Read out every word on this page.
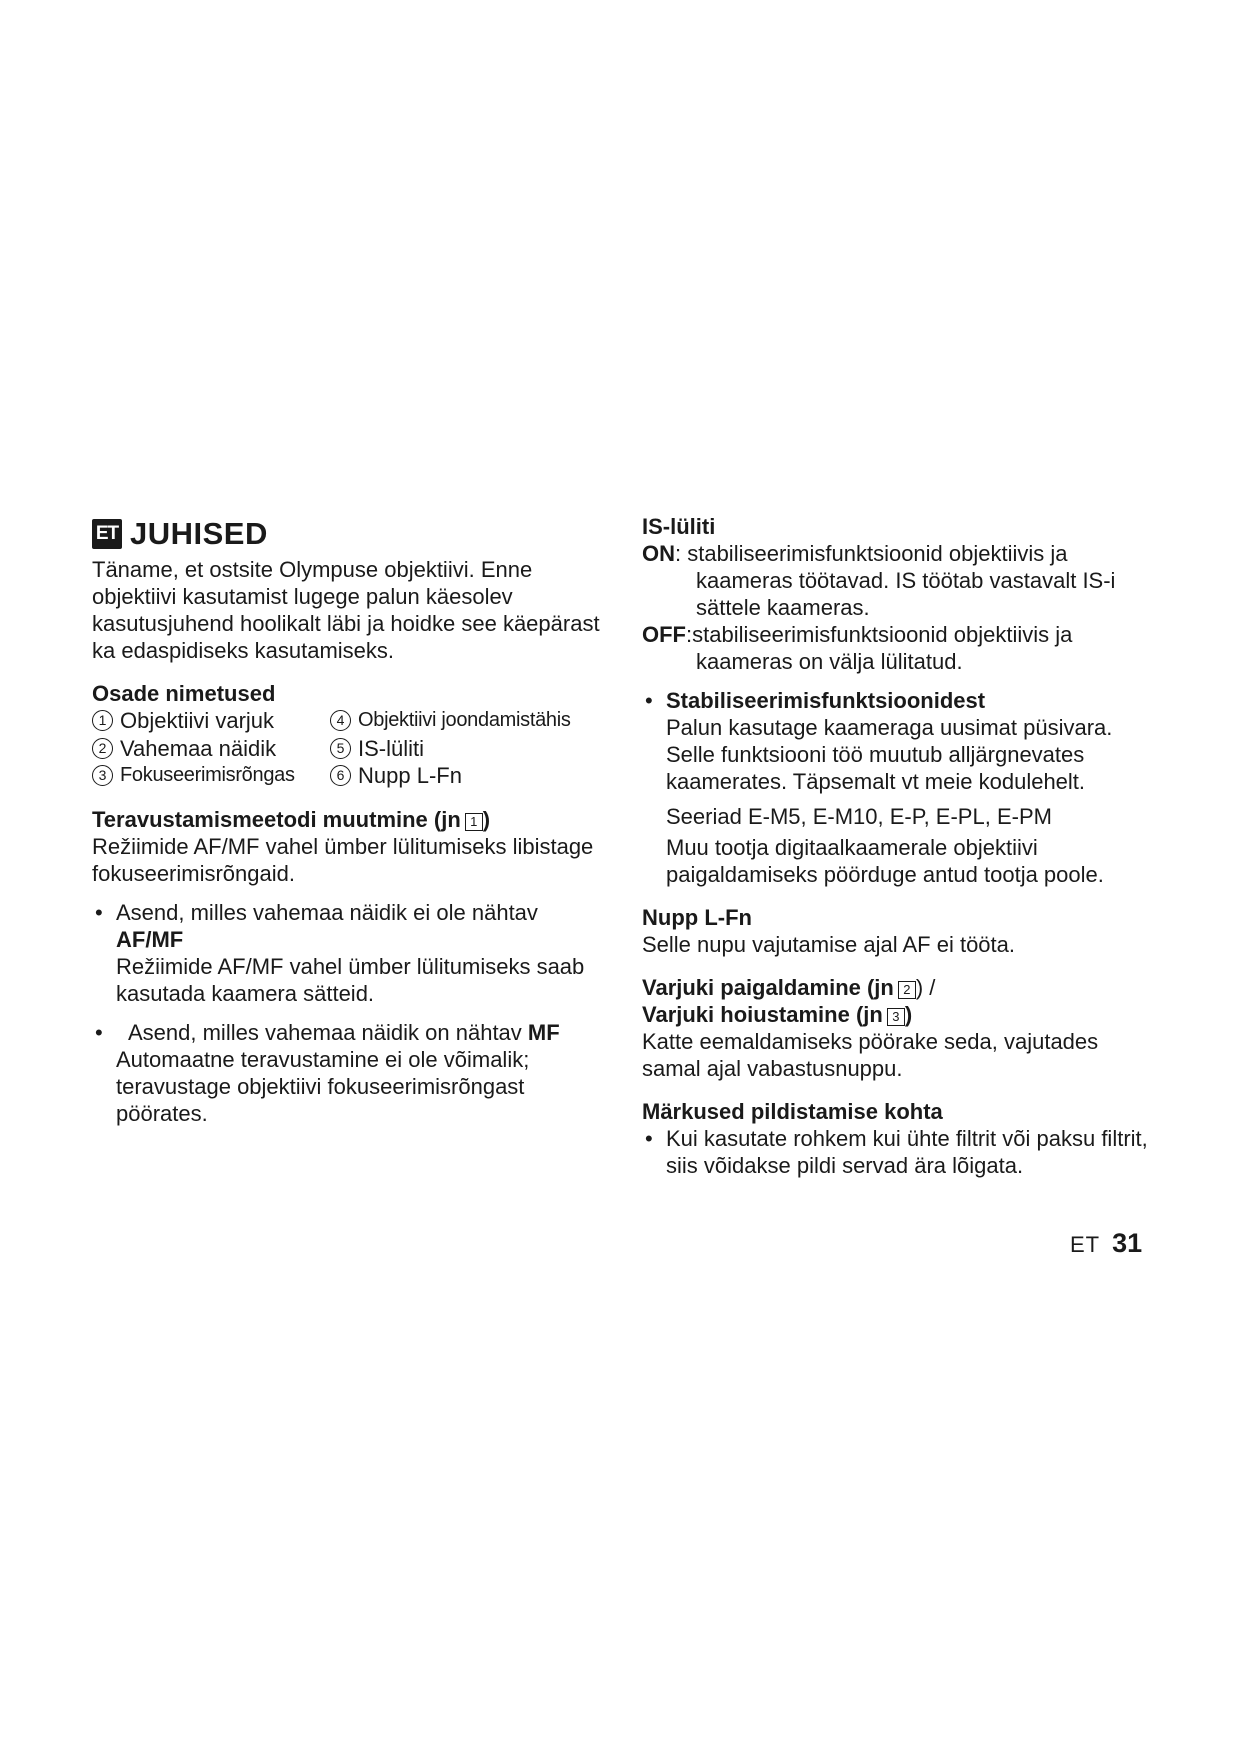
ET JUHISED

Täname, et ostsite Olympuse objektiivi. Enne objektiivi kasutamist lugege palun käesolev kasutusjuhend hoolikalt läbi ja hoidke see käepärast ka edaspidiseks kasutamiseks.

Osade nimetused

1 Objektiivi varjuk	4 Objektiivi joondamistähis
2 Vahemaa näidik	5 IS-lüliti
3 Fokuseerimisrõngas	6 Nupp L-Fn

Teravustamismeetodi muutmine (jn 1 )

Režiimide AF/MF vahel ümber lülitumiseks libistage fokuseerimisrõngaid.

• Asend, milles vahemaa näidik ei ole nähtav

AF/MF

Režiimide AF/MF vahel ümber lülitumiseks saab kasutada kaamera sätteid.

•	Asend, milles vahemaa näidik on nähtav MF

Automaatne teravustamine ei ole võimalik; teravustage objektiivi fokuseerimisrõngast pöörates.

IS-lüliti

ON: stabiliseerimisfunktsioonid objektiivis ja

kaameras töötavad. IS töötab vastavalt IS-i sättele kaameras.

OFF:stabiliseerimisfunktsioonid objektiivis ja

kaameras on välja lülitatud.

• Stabiliseerimisfunktsioonidest

Palun kasutage kaameraga uusimat püsivara. Selle funktsiooni töö muutub alljärgnevates kaamerates. Täpsemalt vt meie kodulehelt.

Seeriad E-M5, E-M10, E-P, E-PL, E-PM

Muu tootja digitaalkaamerale objektiivi paigaldamiseks pöörduge antud tootja poole.

Nupp L-Fn

Selle nupu vajutamise ajal AF ei tööta.

Varjuki paigaldamine (jn 2 ) /

Varjuki hoiustamine (jn 3 )

Katte eemaldamiseks pöörake seda, vajutades samal ajal vabastusnuppu.

Märkused pildistamise kohta

• Kui kasutate rohkem kui ühte filtrit või paksu filtrit, siis võidakse pildi servad ära lõigata.

ET 31
